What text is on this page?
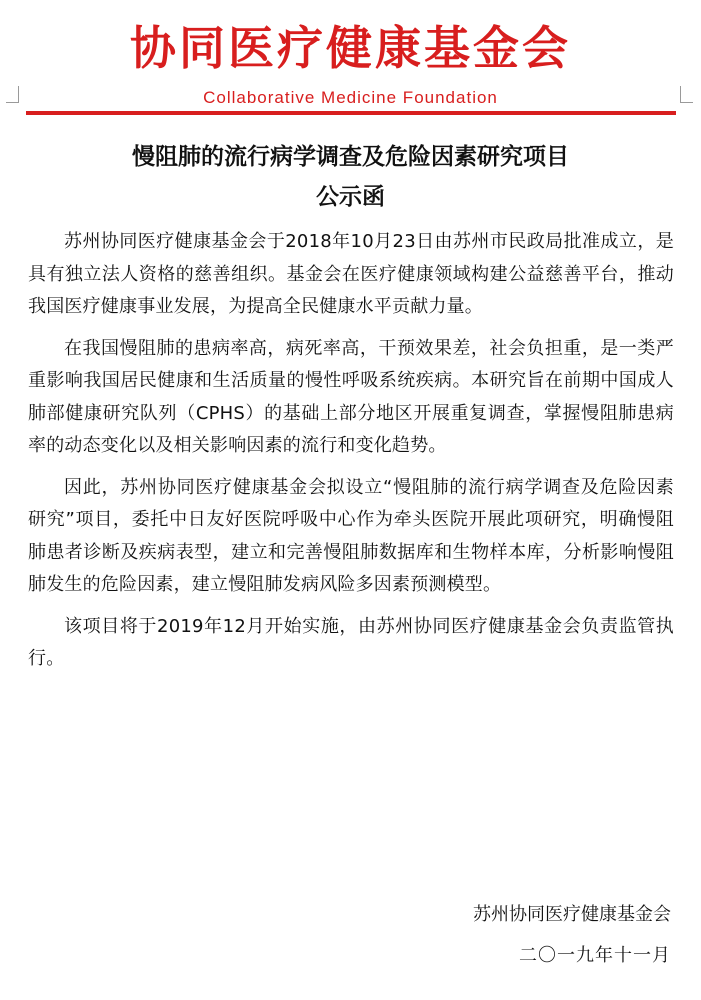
协同医疗健康基金会
Collaborative Medicine Foundation
慢阻肺的流行病学调查及危险因素研究项目
公示函

苏州协同医疗健康基金会于2018年10月23日由苏州市民政局批准成立，是具有独立法人资格的慈善组织。基金会在医疗健康领域构建公益慈善平台，推动我国医疗健康事业发展，为提高全民健康水平贡献力量。

在我国慢阻肺的患病率高，病死率高，干预效果差，社会负担重，是一类严重影响我国居民健康和生活质量的慢性呼吸系统疾病。本研究旨在前期中国成人肺部健康研究队列（CPHS）的基础上部分地区开展重复调查，掌握慢阻肺患病率的动态变化以及相关影响因素的流行和变化趋势。

因此，苏州协同医疗健康基金会拟设立“慢阻肺的流行病学调查及危险因素研究”项目，委托中日友好医院呼吸中心作为牵头医院开展此项研究，明确慢阻肺患者诊断及疾病表型，建立和完善慢阻肺数据库和生物样本库，分析影响慢阻肺发生的危险因素，建立慢阻肺发病风险多因素预测模型。

该项目将于2019年12月开始实施，由苏州协同医疗健康基金会负责监管执行。

苏州协同医疗健康基金会
二〇一九年十一月
